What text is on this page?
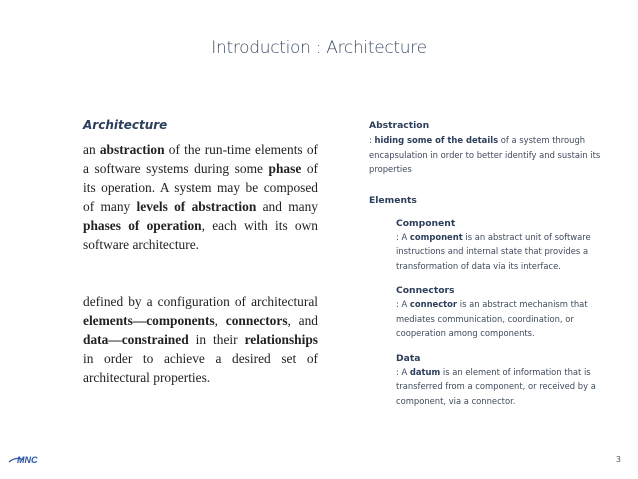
Introduction : Architecture
Architecture

an abstraction of the run-time elements of a software systems during some phase of its operation. A system may be composed of many levels of abstraction and many phases of operation, each with its own software architecture.

defined by a configuration of architectural elements—components, connectors, and data—constrained in their relationships in order to achieve a desired set of architectural properties.

Abstraction

: hiding some of the details of a system through encapsulation in order to better identify and sustain its properties

Elements

Component

: A component is an abstract unit of software instructions and internal state that provides a transformation of data via its interface.

Connectors

: A connector is an abstract mechanism that mediates communication, coordination, or cooperation among components.

Data

: A datum is an element of information that is transferred from a component, or received by a component, via a connector.

MNC	3
